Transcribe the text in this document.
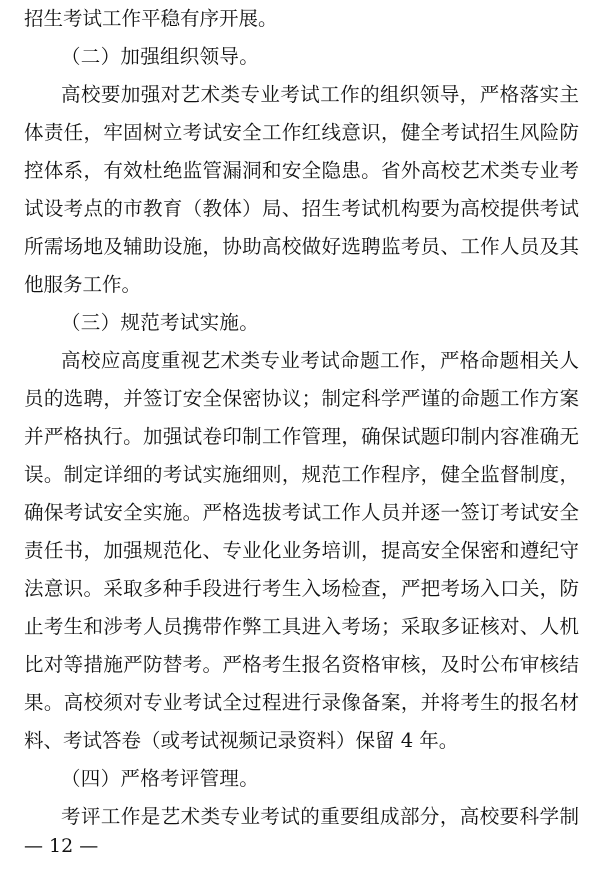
招生考试工作平稳有序开展。
（二）加强组织领导。
高校要加强对艺术类专业考试工作的组织领导，严格落实主
体责任，牢固树立考试安全工作红线意识，健全考试招生风险防
控体系，有效杜绝监管漏洞和安全隐患。省外高校艺术类专业考
试设考点的市教育（教体）局、招生考试机构要为高校提供考试
所需场地及辅助设施，协助高校做好选聘监考员、工作人员及其
他服务工作。
（三）规范考试实施。
高校应高度重视艺术类专业考试命题工作，严格命题相关人
员的选聘，并签订安全保密协议；制定科学严谨的命题工作方案
并严格执行。加强试卷印制工作管理，确保试题印制内容准确无
误。制定详细的考试实施细则，规范工作程序，健全监督制度，
确保考试安全实施。严格选拔考试工作人员并逐一签订考试安全
责任书，加强规范化、专业化业务培训，提高安全保密和遵纪守
法意识。采取多种手段进行考生入场检查，严把考场入口关，防
止考生和涉考人员携带作弊工具进入考场；采取多证核对、人机
比对等措施严防替考。严格考生报名资格审核，及时公布审核结
果。高校须对专业考试全过程进行录像备案，并将考生的报名材
料、考试答卷（或考试视频记录资料）保留 4 年。
（四）严格考评管理。
考评工作是艺术类专业考试的重要组成部分，高校要科学制
— 12 —
